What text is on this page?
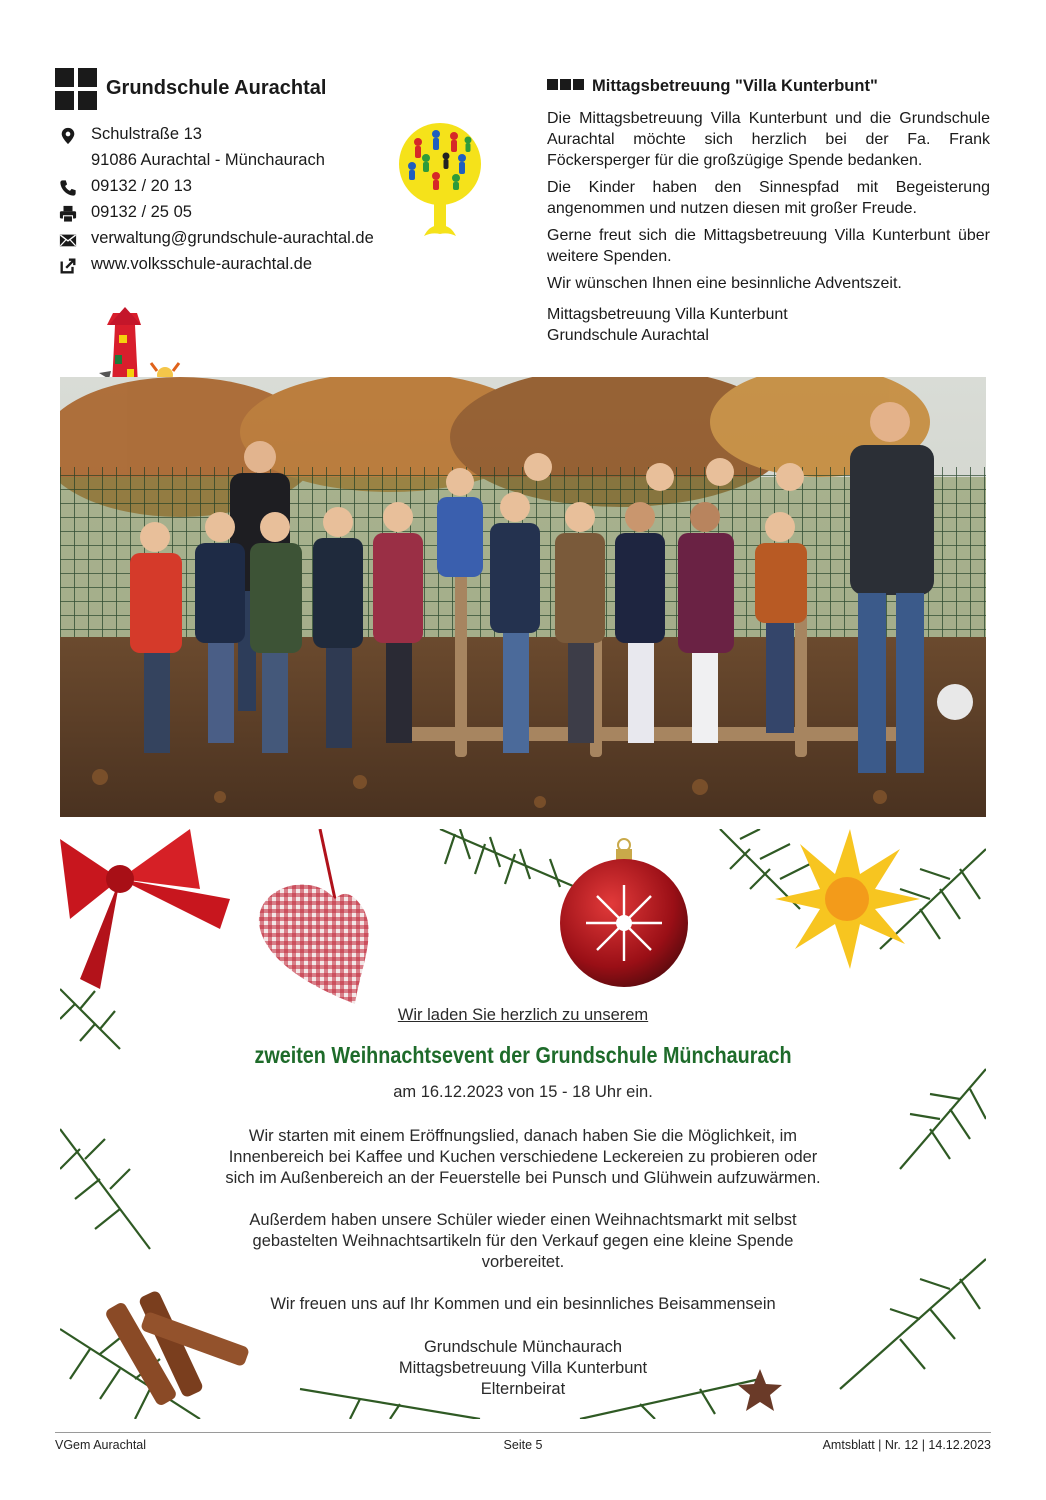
Grundschule Aurachtal
Schulstraße 13
91086 Aurachtal - Münchaurach
09132 / 20 13
09132 / 25 05
verwaltung@grundschule-aurachtal.de
www.volksschule-aurachtal.de
Mittagsbetreuung "Villa Kunterbunt"

Die Mittagsbetreuung Villa Kunterbunt und die Grundschule Aurachtal möchte sich herzlich bei der Fa. Frank Föckersperger für die großzügige Spende bedanken.

Die Kinder haben den Sinnespfad mit Begeisterung angenommen und nutzen diesen mit großer Freude.

Gerne freut sich die Mittagsbetreuung Villa Kunterbunt über weitere Spenden.

Wir wünschen Ihnen eine besinnliche Adventszeit.

Mittagsbetreuung Villa Kunterbunt

Grundschule Aurachtal

Wir laden Sie herzlich zu unserem
zweiten Weihnachtsevent der Grundschule Münchaurach
am 16.12.2023 von 15 - 18 Uhr ein.
Wir starten mit einem Eröffnungslied, danach haben Sie die Möglichkeit, im
Innenbereich bei Kaffee und Kuchen verschiedene Leckereien zu probieren oder
sich im Außenbereich an der Feuerstelle bei Punsch und Glühwein aufzuwärmen.
Außerdem haben unsere Schüler wieder einen Weihnachtsmarkt mit selbst
gebastelten Weihnachtsartikeln für den Verkauf gegen eine kleine Spende
vorbereitet.
Wir freuen uns auf Ihr Kommen und ein besinnliches Beisammensein
Grundschule Münchaurach
Mittagsbetreuung Villa Kunterbunt
Elternbeirat
VGem Aurachtal	Seite 5	Amtsblatt | Nr. 12 | 14.12.2023
